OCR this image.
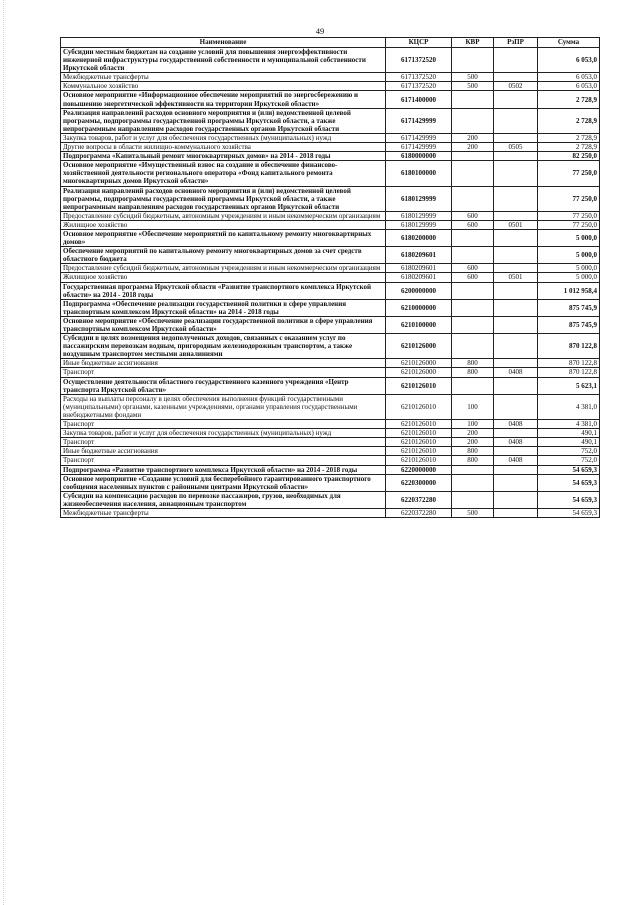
49
Наименование	КЦСР	КВР	РзПР	Сумма
Субсидии местным бюджетам на создание условий для повышения энергоэффективности инженерной инфраструктуры государственной собственности и муниципальной собственности Иркутской области	6171372520			6 053,0
Межбюджетные трансферты	6171372520	500		6 053,0
Коммунальное хозяйство	6171372520	500	0502	6 053,0
Основное мероприятие «Информационное обеспечение мероприятий по энергосбережению и повышению энергетической эффективности на территории Иркутской области»	6171400000			2 728,9
Реализация направлений расходов основного мероприятия и (или) ведомственной целевой программы, подпрограммы государственной программы Иркутской области, а также непрограммным направлениям расходов государственных органов Иркутской области	6171429999			2 728,9
Закупка товаров, работ и услуг для обеспечения государственных (муниципальных) нужд	6171429999	200		2 728,9
Другие вопросы в области жилищно-коммунального хозяйства	6171429999	200	0505	2 728,9
Подпрограмма «Капитальный ремонт многоквартирных домов» на 2014 - 2018 годы	6180000000			82 250,0
Основное мероприятие «Имущественный взнос на создание и обеспечение финансово-хозяйственной деятельности регионального оператора «Фонд капитального ремонта многоквартирных домов Иркутской области»	6180100000			77 250,0
Реализация направлений расходов основного мероприятия и (или) ведомственной целевой программы, подпрограммы государственной программы Иркутской области, а также непрограммным направлениям расходов государственных органов Иркутской области	6180129999			77 250,0
Предоставление субсидий бюджетным, автономным учреждениям и иным некоммерческим организациям	6180129999	600		77 250,0
Жилищное хозяйство	6180129999	600	0501	77 250,0
Основное мероприятие «Обеспечение мероприятий по капитальному ремонту многоквартирных домов»	6180200000			5 000,0
Обеспечение мероприятий по капитальному ремонту многоквартирных домов за счет средств областного бюджета	6180209601			5 000,0
Предоставление субсидий бюджетным, автономным учреждениям и иным некоммерческим организациям	6180209601	600		5 000,0
Жилищное хозяйство	6180209601	600	0501	5 000,0
Государственная программа Иркутской области «Развитие транспортного комплекса Иркутской области» на 2014 - 2018 годы	6200000000			1 012 958,4
Подпрограмма «Обеспечение реализации государственной политики в сфере управления транспортным комплексом Иркутской области» на 2014 - 2018 годы	6210000000			875 745,9
Основное мероприятие «Обеспечение реализации государственной политики в сфере управления транспортным комплексом Иркутской области»	6210100000			875 745,9
Субсидии в целях возмещения недополученных доходов, связанных с оказанием услуг по пассажирским перевозкам водным, пригородным железнодорожным транспортом, а также воздушным транспортом местными авиалиниями	6210126000			870 122,8
Иные бюджетные ассигнования	6210126000	800		870 122,8
Транспорт	6210126000	800	0408	870 122,8
Осуществление деятельности областного государственного казенного учреждения «Центр транспорта Иркутской области»	6210126010			5 623,1
Расходы на выплаты персоналу в целях обеспечения выполнения функций государственными (муниципальными) органами, казенными учреждениями, органами управления государственными внебюджетными фондами	6210126010	100		4 381,0
Транспорт	6210126010	100	0408	4 381,0
Закупка товаров, работ и услуг для обеспечения государственных (муниципальных) нужд	6210126010	200		490,1
Транспорт	6210126010	200	0408	490,1
Иные бюджетные ассигнования	6210126010	800		752,0
Транспорт	6210126010	800	0408	752,0
Подпрограмма «Развитие транспортного комплекса Иркутской области» на 2014 - 2018 годы	6220000000			54 659,3
Основное мероприятие «Создание условий для бесперебойного гарантированного транспортного сообщения населенных пунктов с районными центрами Иркутской области»	6220300000			54 659,3
Субсидии на компенсацию расходов по перевозке пассажиров, грузов, необходимых для жизнеобеспечения населения, авиационным транспортом	6220372280			54 659,3
Межбюджетные трансферты	6220372280	500		54 659,3
